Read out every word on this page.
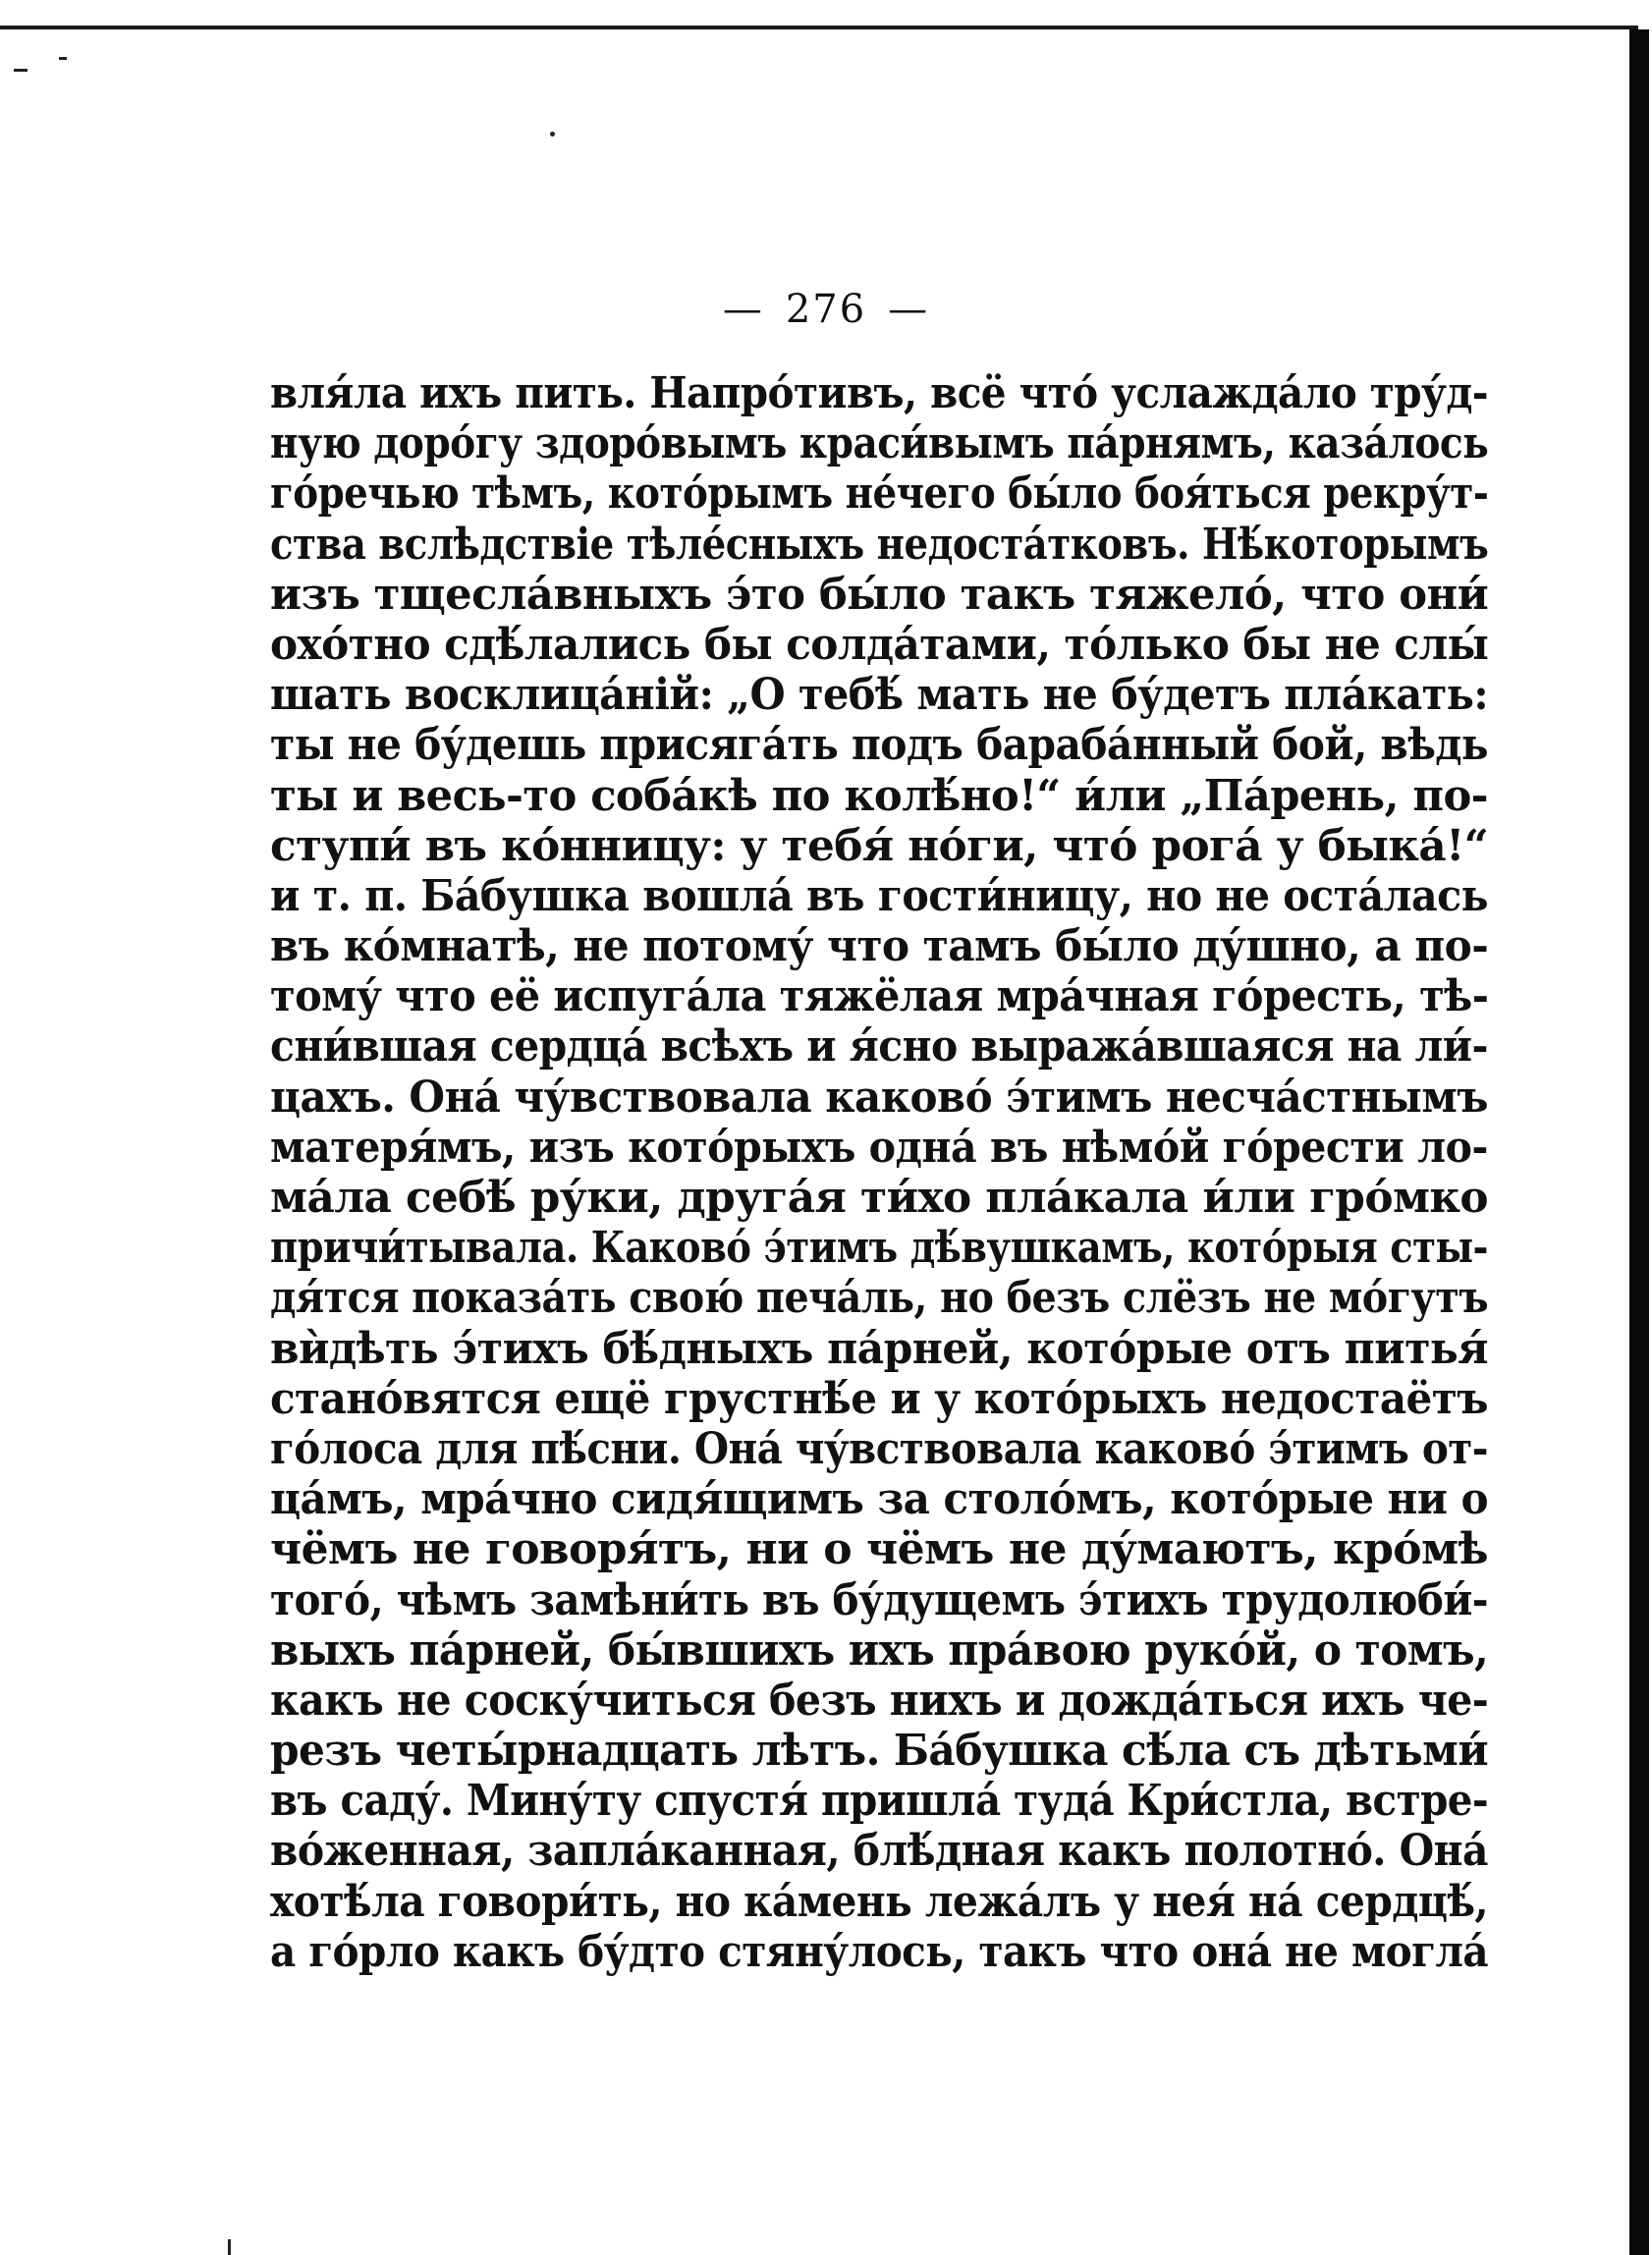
— 276 —
вля́ла ихъ пить. Напро́тивъ, всё что́ услажда́ло тру́д-
ную доро́гу здоро́вымъ краси́вымъ па́рнямъ, каза́лось
го́речью тѣмъ, кото́рымъ не́чего бы́ло боя́ться рекру́т-
ства вслѣдствіе тѣле́сныхъ недоста́тковъ. Нѣ́которымъ
изъ тщесла́вныхъ э́то бы́ло такъ тяжело́, что они́
охо́тно сдѣ́лались бы солда́тами, то́лько бы не слы́
шать восклица́ній: „О тебѣ́ мать не бу́детъ пла́кать:
ты не бу́дешь присяга́ть подъ бараба́нный бой, вѣдь
ты и весь-то соба́кѣ по колѣ́но!“ и́ли „Па́рень, по-
ступи́ въ ко́нницу: у тебя́ но́ги, что́ рога́ у быка́!“
и т. п. Ба́бушка вошла́ въ гости́ницу, но не оста́лась
въ ко́мнатѣ, не потому́ что тамъ бы́ло ду́шно, а по-
тому́ что её испуга́ла тяжёлая мра́чная го́ресть, тѣ-
сни́вшая сердца́ всѣхъ и я́сно выража́вшаяся на ли́-
цахъ. Она́ чу́вствовала каково́ э́тимъ несча́стнымъ
матеря́мъ, изъ кото́рыхъ одна́ въ нѣмо́й го́рести ло-
ма́ла себѣ́ ру́ки, друга́я ти́хо пла́кала и́ли гро́мко
причи́тывала. Каково́ э́тимъ дѣ́вушкамъ, кото́рыя сты-
дя́тся показа́ть свою́ печа́ль, но безъ слёзъ не мо́гутъ
вѝдѣть э́тихъ бѣ́дныхъ па́рней, кото́рые отъ питья́
стано́вятся ещё грустнѣ́е и у кото́рыхъ недостаётъ
го́лоса для пѣ́сни. Она́ чу́вствовала каково́ э́тимъ от-
ца́мъ, мра́чно сидя́щимъ за столо́мъ, кото́рые ни о
чёмъ не говоря́тъ, ни о чёмъ не ду́маютъ, кро́мѣ
того́, чѣмъ замѣни́ть въ бу́дущемъ э́тихъ трудолюби́-
выхъ па́рней, бы́вшихъ ихъ пра́вою руко́й, о томъ,
какъ не соску́читься безъ нихъ и дожда́ться ихъ че-
резъ четы́рнадцать лѣтъ. Ба́бушка сѣ́ла съ дѣтьми́
въ саду́. Мину́ту спустя́ пришла́ туда́ Кри́стла, встре-
во́женная, запла́канная, блѣ́дная какъ полотно́. Она́
хотѣ́ла говори́ть, но ка́мень лежа́лъ у нея́ на́ сердцѣ́,
а го́рло какъ бу́дто стяну́лось, такъ что она́ не могла́
